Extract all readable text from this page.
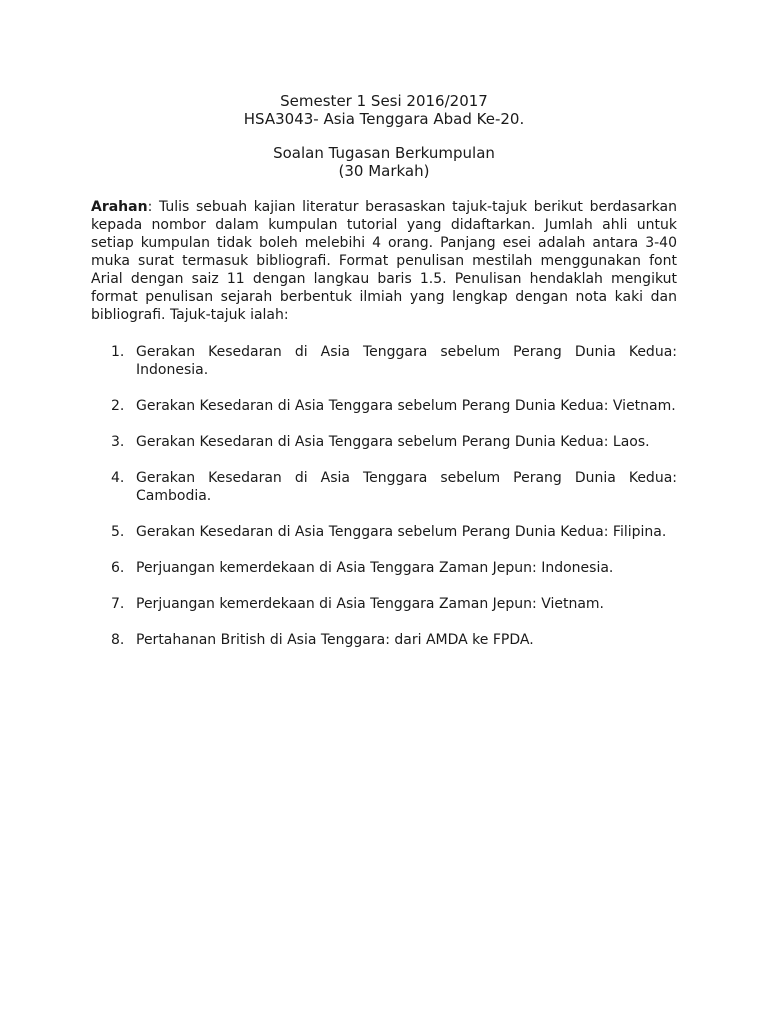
Semester 1 Sesi 2016/2017
HSA3043- Asia Tenggara Abad Ke-20.
Soalan Tugasan Berkumpulan
(30 Markah)
Arahan: Tulis sebuah kajian literatur berasaskan tajuk-tajuk berikut berdasarkan kepada nombor dalam kumpulan tutorial yang didaftarkan. Jumlah ahli untuk setiap kumpulan tidak boleh melebihi 4 orang. Panjang esei adalah antara 3-40 muka surat termasuk bibliografi. Format penulisan mestilah menggunakan font Arial dengan saiz 11 dengan langkau baris 1.5. Penulisan hendaklah mengikut format penulisan sejarah berbentuk ilmiah yang lengkap dengan nota kaki dan bibliografi. Tajuk-tajuk ialah:
1. Gerakan Kesedaran di Asia Tenggara sebelum Perang Dunia Kedua: Indonesia.
2. Gerakan Kesedaran di Asia Tenggara sebelum Perang Dunia Kedua: Vietnam.
3. Gerakan Kesedaran di Asia Tenggara sebelum Perang Dunia Kedua: Laos.
4. Gerakan Kesedaran di Asia Tenggara sebelum Perang Dunia Kedua: Cambodia.
5. Gerakan Kesedaran di Asia Tenggara sebelum Perang Dunia Kedua: Filipina.
6. Perjuangan kemerdekaan di Asia Tenggara Zaman Jepun: Indonesia.
7. Perjuangan kemerdekaan di Asia Tenggara Zaman Jepun: Vietnam.
8. Pertahanan British di Asia Tenggara: dari AMDA ke FPDA.
